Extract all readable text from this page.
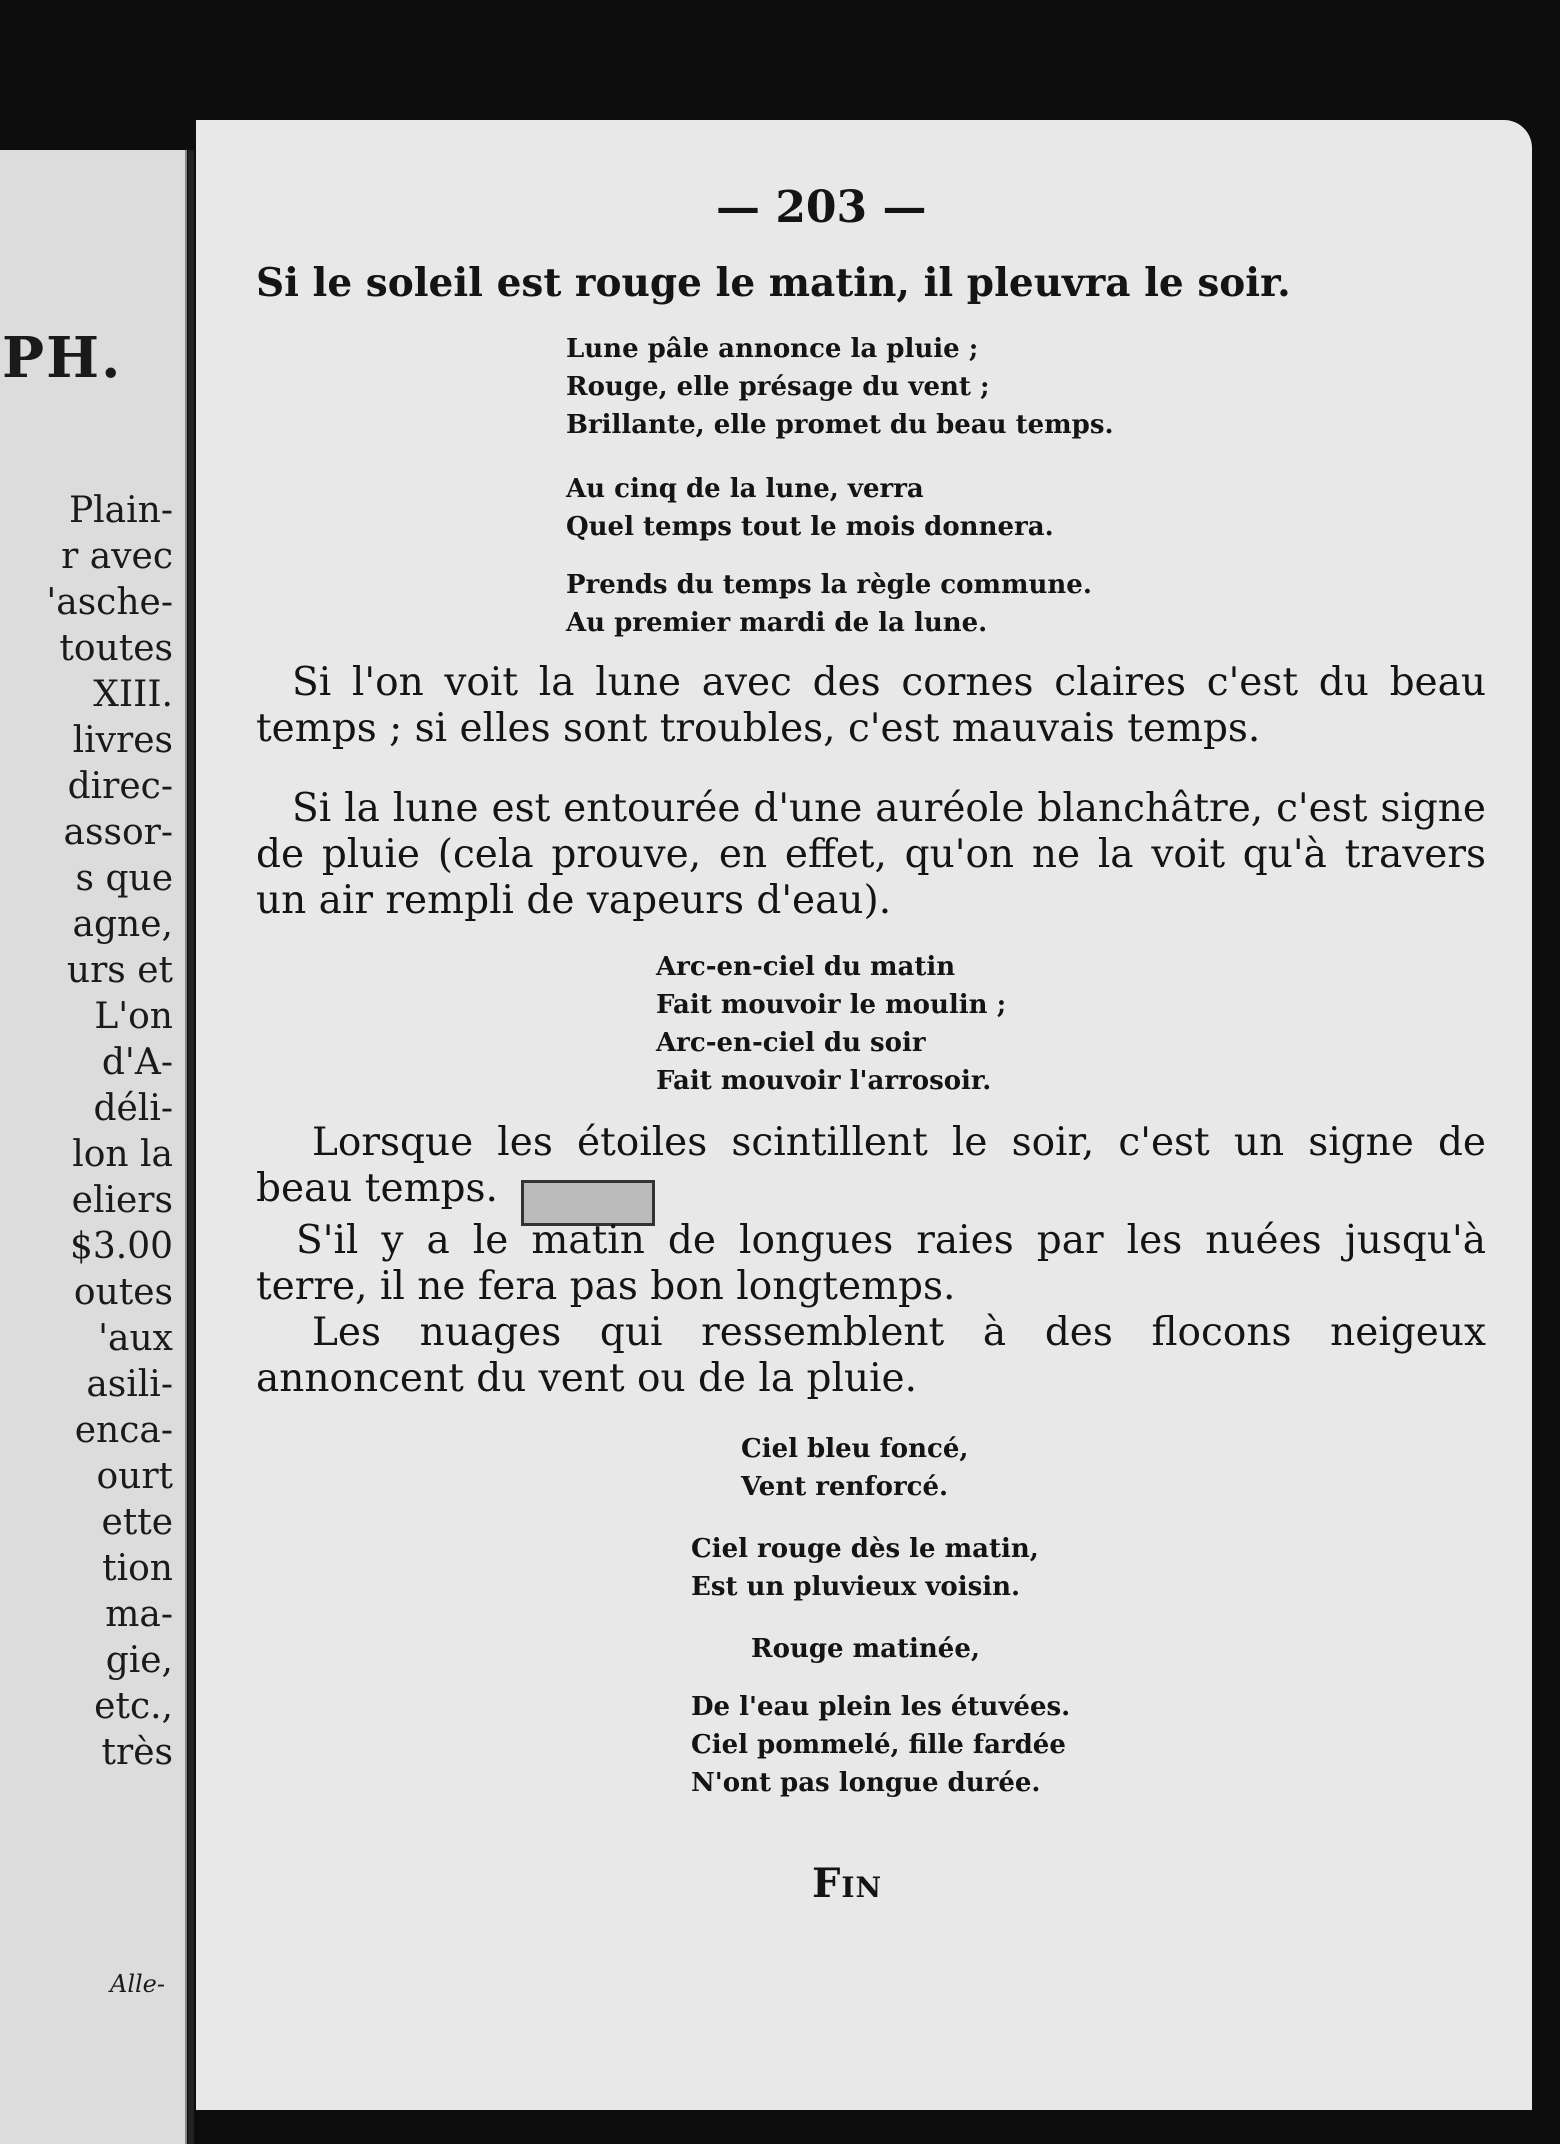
PH.
Plain-
r avec
'asche-
toutes
XIII.
livres
direc-
assor-
s que
agne,
urs et
L'on
d'A-
déli-
lon la
eliers
$3.00
outes
'aux
asili-
enca-
ourt
ette
tion
ma-
gie,
etc.,
très
Alle-
— 203 —
Si le soleil est rouge le matin, il pleuvra le soir.
Lune pâle annonce la pluie ;
Rouge, elle présage du vent ;
Brillante, elle promet du beau temps.
Au cinq de la lune, verra
Quel temps tout le mois donnera.
Prends du temps la règle commune.
Au premier mardi de la lune.
Si l'on voit la lune avec des cornes claires c'est du beau temps ; si elles sont troubles, c'est mauvais temps.
Si la lune est entourée d'une auréole blanchâtre, c'est signe de pluie (cela prouve, en effet, qu'on ne la voit qu'à travers un air rempli de vapeurs d'eau).
Arc-en-ciel du matin
Fait mouvoir le moulin ;
Arc-en-ciel du soir
Fait mouvoir l'arrosoir.
Lorsque les étoiles scintillent le soir, c'est un signe de beau temps.
S'il y a le matin de longues raies par les nuées jusqu'à terre, il ne fera pas bon longtemps.
Les nuages qui ressemblent à des flocons neigeux annoncent du vent ou de la pluie.
Ciel bleu foncé,
Vent renforcé.
Ciel rouge dès le matin,
Est un pluvieux voisin.
Rouge matinée,
De l'eau plein les étuvées.
Ciel pommelé, fille fardée
N'ont pas longue durée.
FIN
